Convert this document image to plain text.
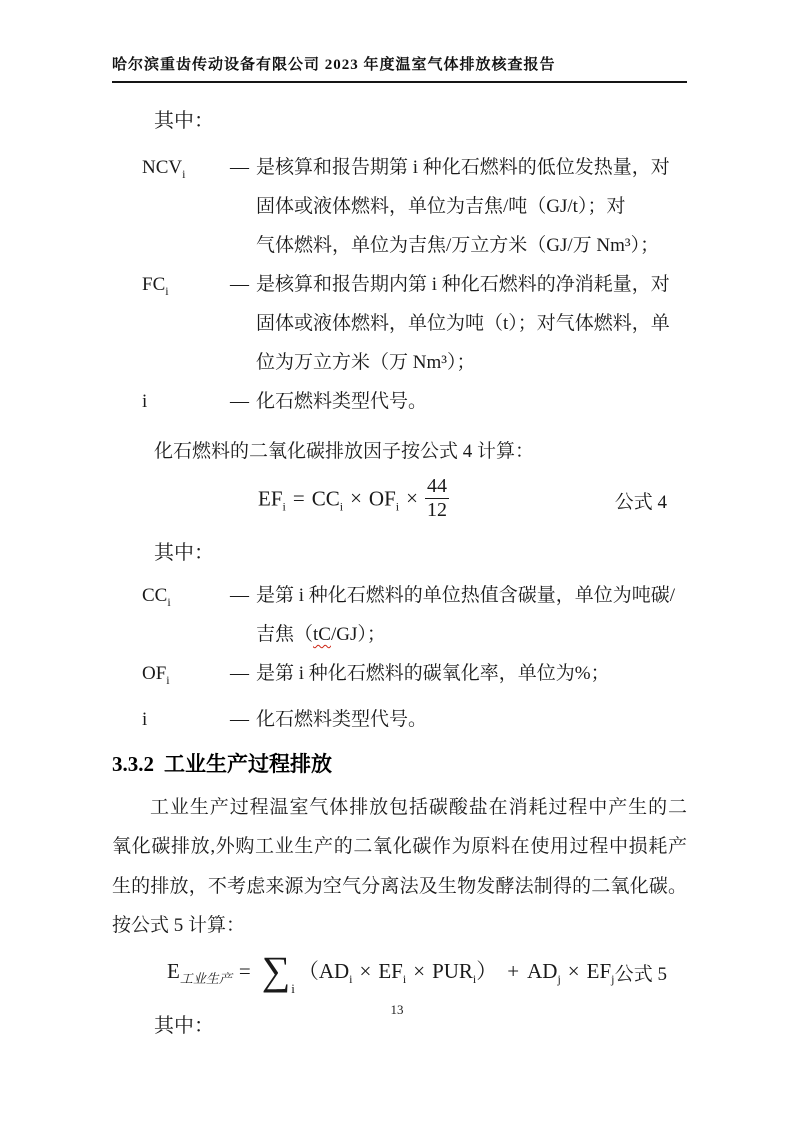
哈尔滨重齿传动设备有限公司 2023 年度温室气体排放核查报告
其中：
$NCV_i$	— 是核算和报告期第 i 种化石燃料的低位发热量，对
固体或液体燃料，单位为吉焦/吨（GJ/t）；对
气体燃料，单位为吉焦/万立方米（GJ/万 Nm³）；
$FC_i$	— 是核算和报告期内第 i 种化石燃料的净消耗量，对
固体或液体燃料，单位为吨（t）；对气体燃料，单
位为万立方米（万 Nm³）；
i	— 化石燃料类型代号。
化石燃料的二氧化碳排放因子按公式 4 计算：
$EF_i = CC_i \times OF_i \times \frac{44}{12}$	公式 4
其中：
$CC_i$	— 是第 i 种化石燃料的单位热值含碳量，单位为吨碳/
吉焦（tC/GJ）；
$OF_i$	— 是第 i 种化石燃料的碳氧化率，单位为%；
i	— 化石燃料类型代号。
3.3.2 工业生产过程排放
工业生产过程温室气体排放包括碳酸盐在消耗过程中产生的二
氧化碳排放,外购工业生产的二氧化碳作为原料在使用过程中损耗产
生的排放，不考虑来源为空气分离法及生物发酵法制得的二氧化碳。
按公式 5 计算：
$E_{工业生产} = \sum_i(AD_i \times EF_i \times PUR_i) + AD_j \times EF_j$ 公式 5
其中：
13
